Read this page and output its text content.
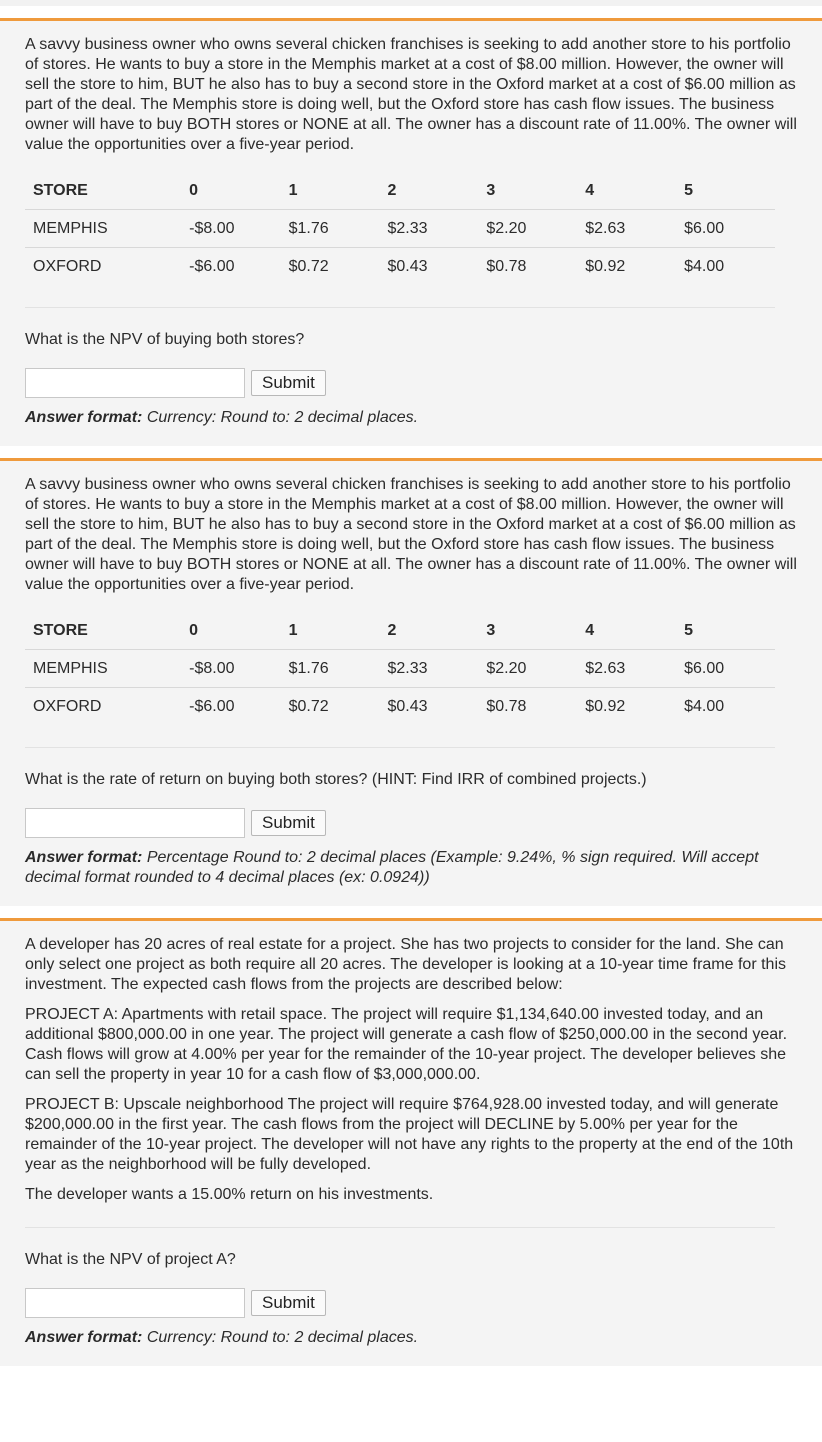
A savvy business owner who owns several chicken franchises is seeking to add another store to his portfolio of stores. He wants to buy a store in the Memphis market at a cost of $8.00 million. However, the owner will sell the store to him, BUT he also has to buy a second store in the Oxford market at a cost of $6.00 million as part of the deal. The Memphis store is doing well, but the Oxford store has cash flow issues. The business owner will have to buy BOTH stores or NONE at all. The owner has a discount rate of 11.00%. The owner will value the opportunities over a five-year period.

STORE	0	1	2	3	4	5
MEMPHIS	-$8.00	$1.76	$2.33	$2.20	$2.63	$6.00
OXFORD	-$6.00	$0.72	$0.43	$0.78	$0.92	$4.00
What is the NPV of buying both stores?
Submit
Answer format: Currency: Round to: 2 decimal places.

A savvy business owner who owns several chicken franchises is seeking to add another store to his portfolio of stores. He wants to buy a store in the Memphis market at a cost of $8.00 million. However, the owner will sell the store to him, BUT he also has to buy a second store in the Oxford market at a cost of $6.00 million as part of the deal. The Memphis store is doing well, but the Oxford store has cash flow issues. The business owner will have to buy BOTH stores or NONE at all. The owner has a discount rate of 11.00%. The owner will value the opportunities over a five-year period.

STORE	0	1	2	3	4	5
MEMPHIS	-$8.00	$1.76	$2.33	$2.20	$2.63	$6.00
OXFORD	-$6.00	$0.72	$0.43	$0.78	$0.92	$4.00
What is the rate of return on buying both stores? (HINT: Find IRR of combined projects.)
Submit
Answer format: Percentage Round to: 2 decimal places (Example: 9.24%, % sign required. Will accept decimal format rounded to 4 decimal places (ex: 0.0924))

A developer has 20 acres of real estate for a project. She has two projects to consider for the land. She can only select one project as both require all 20 acres. The developer is looking at a 10-year time frame for this investment. The expected cash flows from the projects are described below:

PROJECT A: Apartments with retail space. The project will require $1,134,640.00 invested today, and an additional $800,000.00 in one year. The project will generate a cash flow of $250,000.00 in the second year. Cash flows will grow at 4.00% per year for the remainder of the 10-year project. The developer believes she can sell the property in year 10 for a cash flow of $3,000,000.00.

PROJECT B: Upscale neighborhood The project will require $764,928.00 invested today, and will generate $200,000.00 in the first year. The cash flows from the project will DECLINE by 5.00% per year for the remainder of the 10-year project. The developer will not have any rights to the property at the end of the 10th year as the neighborhood will be fully developed.

The developer wants a 15.00% return on his investments.

What is the NPV of project A?
Submit
Answer format: Currency: Round to: 2 decimal places.
